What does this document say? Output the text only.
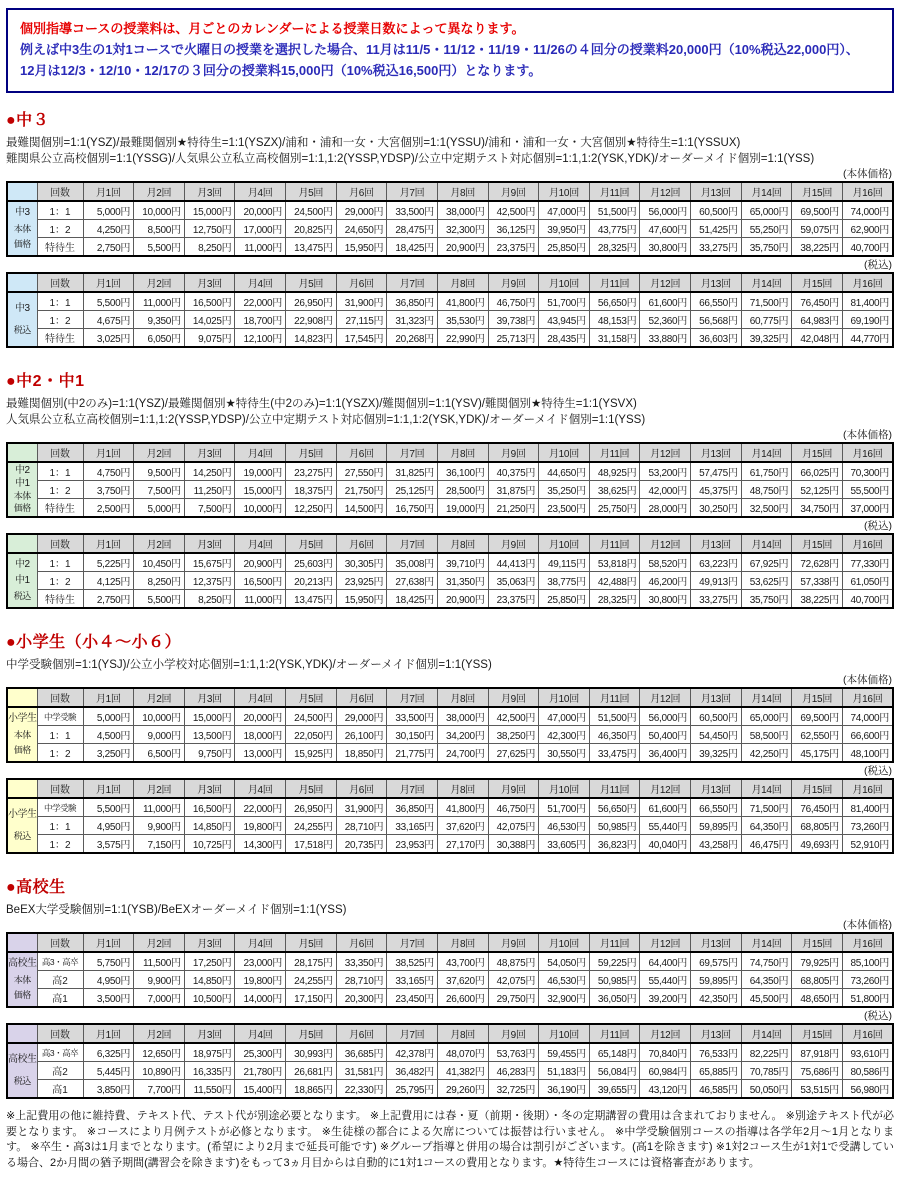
個別指導コースの授業料は、月ごとのカレンダーによる授業日数によって異なります。
例えば中3生の1対1コースで火曜日の授業を選択した場合、11月は11/5・11/12・11/19・11/26の４回分の授業料20,000円（10%税込22,000円）、
12月は12/3・12/10・12/17の３回分の授業料15,000円（10%税込16,500円）となります。
●中３
最難関個別=1:1(YSZ)/最難関個別★特待生=1:1(YSZX)/浦和・浦和一女・大宮個別=1:1(YSSU)/浦和・浦和一女・大宮個別★特待生=1:1(YSSUX)
難関県公立高校個別=1:1(YSSG)/人気県公立私立高校個別=1:1,1:2(YSSP,YDSP)/公立中定期テスト対応個別=1:1,1:2(YSK,YDK)/オーダーメイド個別=1:1(YSS)
(本体価格)
	回数	月1回	月2回	月3回	月4回	月5回	月6回	月7回	月8回	月9回	月10回	月11回	月12回	月13回	月14回	月15回	月16回

中3
本体
価格	1：1	5,000円	10,000円	15,000円	20,000円	24,500円	29,000円	33,500円	38,000円	42,500円	47,000円	51,500円	56,000円	60,500円	65,000円	69,500円	74,000円
	1：2	4,250円	8,500円	12,750円	17,000円	20,825円	24,650円	28,475円	32,300円	36,125円	39,950円	43,775円	47,600円	51,425円	55,250円	59,075円	62,900円
	特待生	2,750円	5,500円	8,250円	11,000円	13,475円	15,950円	18,425円	20,900円	23,375円	25,850円	28,325円	30,800円	33,275円	35,750円	38,225円	40,700円
(税込)
	回数	月1回	月2回	月3回	月4回	月5回	月6回	月7回	月8回	月9回	月10回	月11回	月12回	月13回	月14回	月15回	月16回

中3
税込	1：1	5,500円	11,000円	16,500円	22,000円	26,950円	31,900円	36,850円	41,800円	46,750円	51,700円	56,650円	61,600円	66,550円	71,500円	76,450円	81,400円
	1：2	4,675円	9,350円	14,025円	18,700円	22,908円	27,115円	31,323円	35,530円	39,738円	43,945円	48,153円	52,360円	56,568円	60,775円	64,983円	69,190円
	特待生	3,025円	6,050円	9,075円	12,100円	14,823円	17,545円	20,268円	22,990円	25,713円	28,435円	31,158円	33,880円	36,603円	39,325円	42,048円	44,770円
●中2・中1
最難関個別(中2のみ)=1:1(YSZ)/最難関個別★特待生(中2のみ)=1:1(YSZX)/難関個別=1:1(YSV)/難関個別★特待生=1:1(YSVX)
人気県公立私立高校個別=1:1,1:2(YSSP,YDSP)/公立中定期テスト対応個別=1:1,1:2(YSK,YDK)/オーダーメイド個別=1:1(YSS)
(本体価格)
	回数	月1回	月2回	月3回	月4回	月5回	月6回	月7回	月8回	月9回	月10回	月11回	月12回	月13回	月14回	月15回	月16回

中2
中1
本体
価格	1：1	4,750円	9,500円	14,250円	19,000円	23,275円	27,550円	31,825円	36,100円	40,375円	44,650円	48,925円	53,200円	57,475円	61,750円	66,025円	70,300円
	1：2	3,750円	7,500円	11,250円	15,000円	18,375円	21,750円	25,125円	28,500円	31,875円	35,250円	38,625円	42,000円	45,375円	48,750円	52,125円	55,500円
	特待生	2,500円	5,000円	7,500円	10,000円	12,250円	14,500円	16,750円	19,000円	21,250円	23,500円	25,750円	28,000円	30,250円	32,500円	34,750円	37,000円
(税込)
	回数	月1回	月2回	月3回	月4回	月5回	月6回	月7回	月8回	月9回	月10回	月11回	月12回	月13回	月14回	月15回	月16回

中2
中1
税込	1：1	5,225円	10,450円	15,675円	20,900円	25,603円	30,305円	35,008円	39,710円	44,413円	49,115円	53,818円	58,520円	63,223円	67,925円	72,628円	77,330円
	1：2	4,125円	8,250円	12,375円	16,500円	20,213円	23,925円	27,638円	31,350円	35,063円	38,775円	42,488円	46,200円	49,913円	53,625円	57,338円	61,050円
	特待生	2,750円	5,500円	8,250円	11,000円	13,475円	15,950円	18,425円	20,900円	23,375円	25,850円	28,325円	30,800円	33,275円	35,750円	38,225円	40,700円
●小学生（小４～小６）
中学受験個別=1:1(YSJ)/公立小学校対応個別=1:1,1:2(YSK,YDK)/オーダーメイド個別=1:1(YSS)
(本体価格)
	回数	月1回	月2回	月3回	月4回	月5回	月6回	月7回	月8回	月9回	月10回	月11回	月12回	月13回	月14回	月15回	月16回

小学生
本体
価格	中学受験	5,000円	10,000円	15,000円	20,000円	24,500円	29,000円	33,500円	38,000円	42,500円	47,000円	51,500円	56,000円	60,500円	65,000円	69,500円	74,000円
	1：1	4,500円	9,000円	13,500円	18,000円	22,050円	26,100円	30,150円	34,200円	38,250円	42,300円	46,350円	50,400円	54,450円	58,500円	62,550円	66,600円
	1：2	3,250円	6,500円	9,750円	13,000円	15,925円	18,850円	21,775円	24,700円	27,625円	30,550円	33,475円	36,400円	39,325円	42,250円	45,175円	48,100円
(税込)
	回数	月1回	月2回	月3回	月4回	月5回	月6回	月7回	月8回	月9回	月10回	月11回	月12回	月13回	月14回	月15回	月16回

小学生
税込	中学受験	5,500円	11,000円	16,500円	22,000円	26,950円	31,900円	36,850円	41,800円	46,750円	51,700円	56,650円	61,600円	66,550円	71,500円	76,450円	81,400円
	1：1	4,950円	9,900円	14,850円	19,800円	24,255円	28,710円	33,165円	37,620円	42,075円	46,530円	50,985円	55,440円	59,895円	64,350円	68,805円	73,260円
	1：2	3,575円	7,150円	10,725円	14,300円	17,518円	20,735円	23,953円	27,170円	30,388円	33,605円	36,823円	40,040円	43,258円	46,475円	49,693円	52,910円
●高校生
BeEX大学受験個別=1:1(YSB)/BeEXオーダーメイド個別=1:1(YSS)
(本体価格)
	回数	月1回	月2回	月3回	月4回	月5回	月6回	月7回	月8回	月9回	月10回	月11回	月12回	月13回	月14回	月15回	月16回

高校生
本体
価格	高3・高卒	5,750円	11,500円	17,250円	23,000円	28,175円	33,350円	38,525円	43,700円	48,875円	54,050円	59,225円	64,400円	69,575円	74,750円	79,925円	85,100円
	高2	4,950円	9,900円	14,850円	19,800円	24,255円	28,710円	33,165円	37,620円	42,075円	46,530円	50,985円	55,440円	59,895円	64,350円	68,805円	73,260円
	高1	3,500円	7,000円	10,500円	14,000円	17,150円	20,300円	23,450円	26,600円	29,750円	32,900円	36,050円	39,200円	42,350円	45,500円	48,650円	51,800円
(税込)
	回数	月1回	月2回	月3回	月4回	月5回	月6回	月7回	月8回	月9回	月10回	月11回	月12回	月13回	月14回	月15回	月16回

高校生
税込	高3・高卒	6,325円	12,650円	18,975円	25,300円	30,993円	36,685円	42,378円	48,070円	53,763円	59,455円	65,148円	70,840円	76,533円	82,225円	87,918円	93,610円
	高2	5,445円	10,890円	16,335円	21,780円	26,681円	31,581円	36,482円	41,382円	46,283円	51,183円	56,084円	60,984円	65,885円	70,785円	75,686円	80,586円
	高1	3,850円	7,700円	11,550円	15,400円	18,865円	22,330円	25,795円	29,260円	32,725円	36,190円	39,655円	43,120円	46,585円	50,050円	53,515円	56,980円
※上記費用の他に維持費、テキスト代、テスト代が別途必要となります。 ※上記費用には春・夏（前期・後期）・冬の定期講習の費用は含まれておりません。 ※別途テキスト代が必要となります。 ※コースにより月例テストが必修となります。 ※生徒様の都合による欠席については振替は行いません。 ※中学受験個別コースの指導は各学年2月～1月となります。 ※卒生・高3は1月までとなります。(希望により2月まで延長可能です) ※グループ指導と併用の場合は割引がございます。(高1を除きます) ※1対2コース生が1対1で受講している場合、2か月間の猶予期間(講習会を除きます)をもって3ヵ月目からは自動的に1対1コースの費用となります。★特待生コースには資格審査があります。
